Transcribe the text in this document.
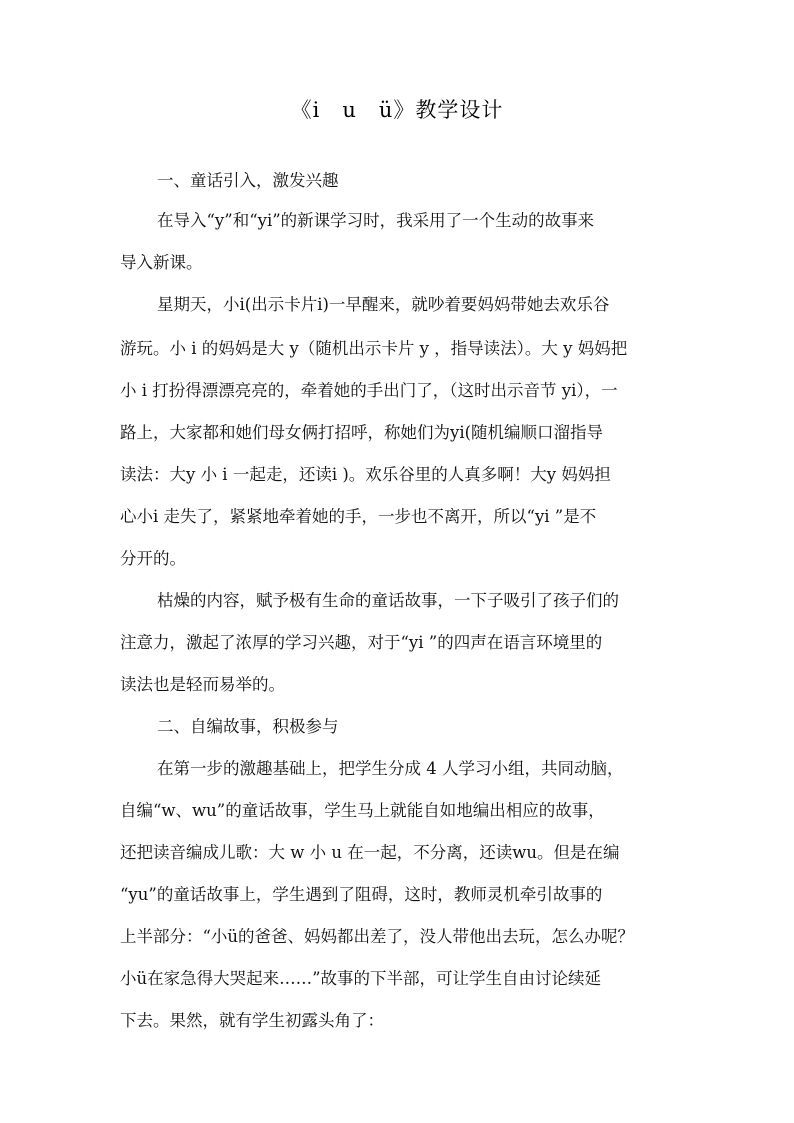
《i　u　ü》教学设计
一、童话引入，激发兴趣
在导入“y”和“yi”的新课学习时，我采用了一个生动的故事来
导入新课。
星期天，小i(出示卡片i)一早醒来，就吵着要妈妈带她去欢乐谷
游玩。小 i 的妈妈是大 y（随机出示卡片 y ，指导读法）。大 y 妈妈把
小 i 打扮得漂漂亮亮的，牵着她的手出门了，（这时出示音节 yi），一
路上，大家都和她们母女俩打招呼，称她们为yi(随机编顺口溜指导
读法：大y 小 i 一起走，还读i )。欢乐谷里的人真多啊！大y 妈妈担
心小i 走失了，紧紧地牵着她的手，一步也不离开，所以“yi ”是不
分开的。
枯燥的内容，赋予极有生命的童话故事，一下子吸引了孩子们的
注意力，激起了浓厚的学习兴趣，对于“yi ”的四声在语言环境里的
读法也是轻而易举的。
二、自编故事，积极参与
在第一步的激趣基础上，把学生分成 4 人学习小组，共同动脑，
自编“w、wu”的童话故事，学生马上就能自如地编出相应的故事，
还把读音编成儿歌：大 w 小 u 在一起，不分离，还读wu。但是在编
“yu”的童话故事上，学生遇到了阻碍，这时，教师灵机牵引故事的
上半部分：“小ü的爸爸、妈妈都出差了，没人带他出去玩，怎么办呢？
小ü在家急得大哭起来……”故事的下半部，可让学生自由讨论续延
下去。果然，就有学生初露头角了：
